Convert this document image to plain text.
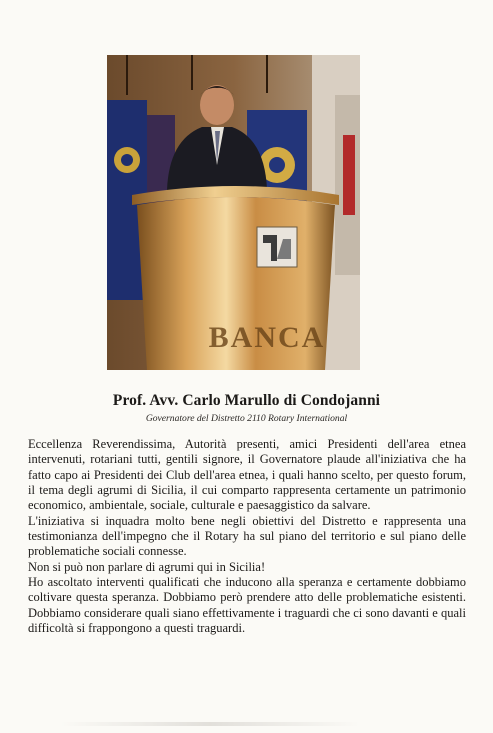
BANCA
Prof. Avv. Carlo Marullo di Condojanni
Governatore del Distretto 2110 Rotary International

Eccellenza Reverendissima, Autorità presenti, amici Presidenti dell'area etnea intervenuti, rotariani tutti, gentili signore, il Governatore plaude all'iniziativa che ha fatto capo ai Presidenti dei Club dell'area etnea, i quali hanno scelto, per questo forum, il tema degli agrumi di Sicilia, il cui comparto rappresenta certamente un patrimonio economico, ambientale, sociale, culturale e paesaggistico da salvare.

L'iniziativa si inquadra molto bene negli obiettivi del Distretto e rappresenta una testimonianza dell'impegno che il Rotary ha sul piano del territorio e sul piano delle problematiche sociali connesse.

Non si può non parlare di agrumi qui in Sicilia!

Ho ascoltato interventi qualificati che inducono alla speranza e certamente dobbiamo coltivare questa speranza. Dobbiamo però prendere atto delle problematiche esistenti. Dobbiamo considerare quali siano effettivamente i traguardi che ci sono davanti e quali difficoltà si frappongono a questi traguardi.
